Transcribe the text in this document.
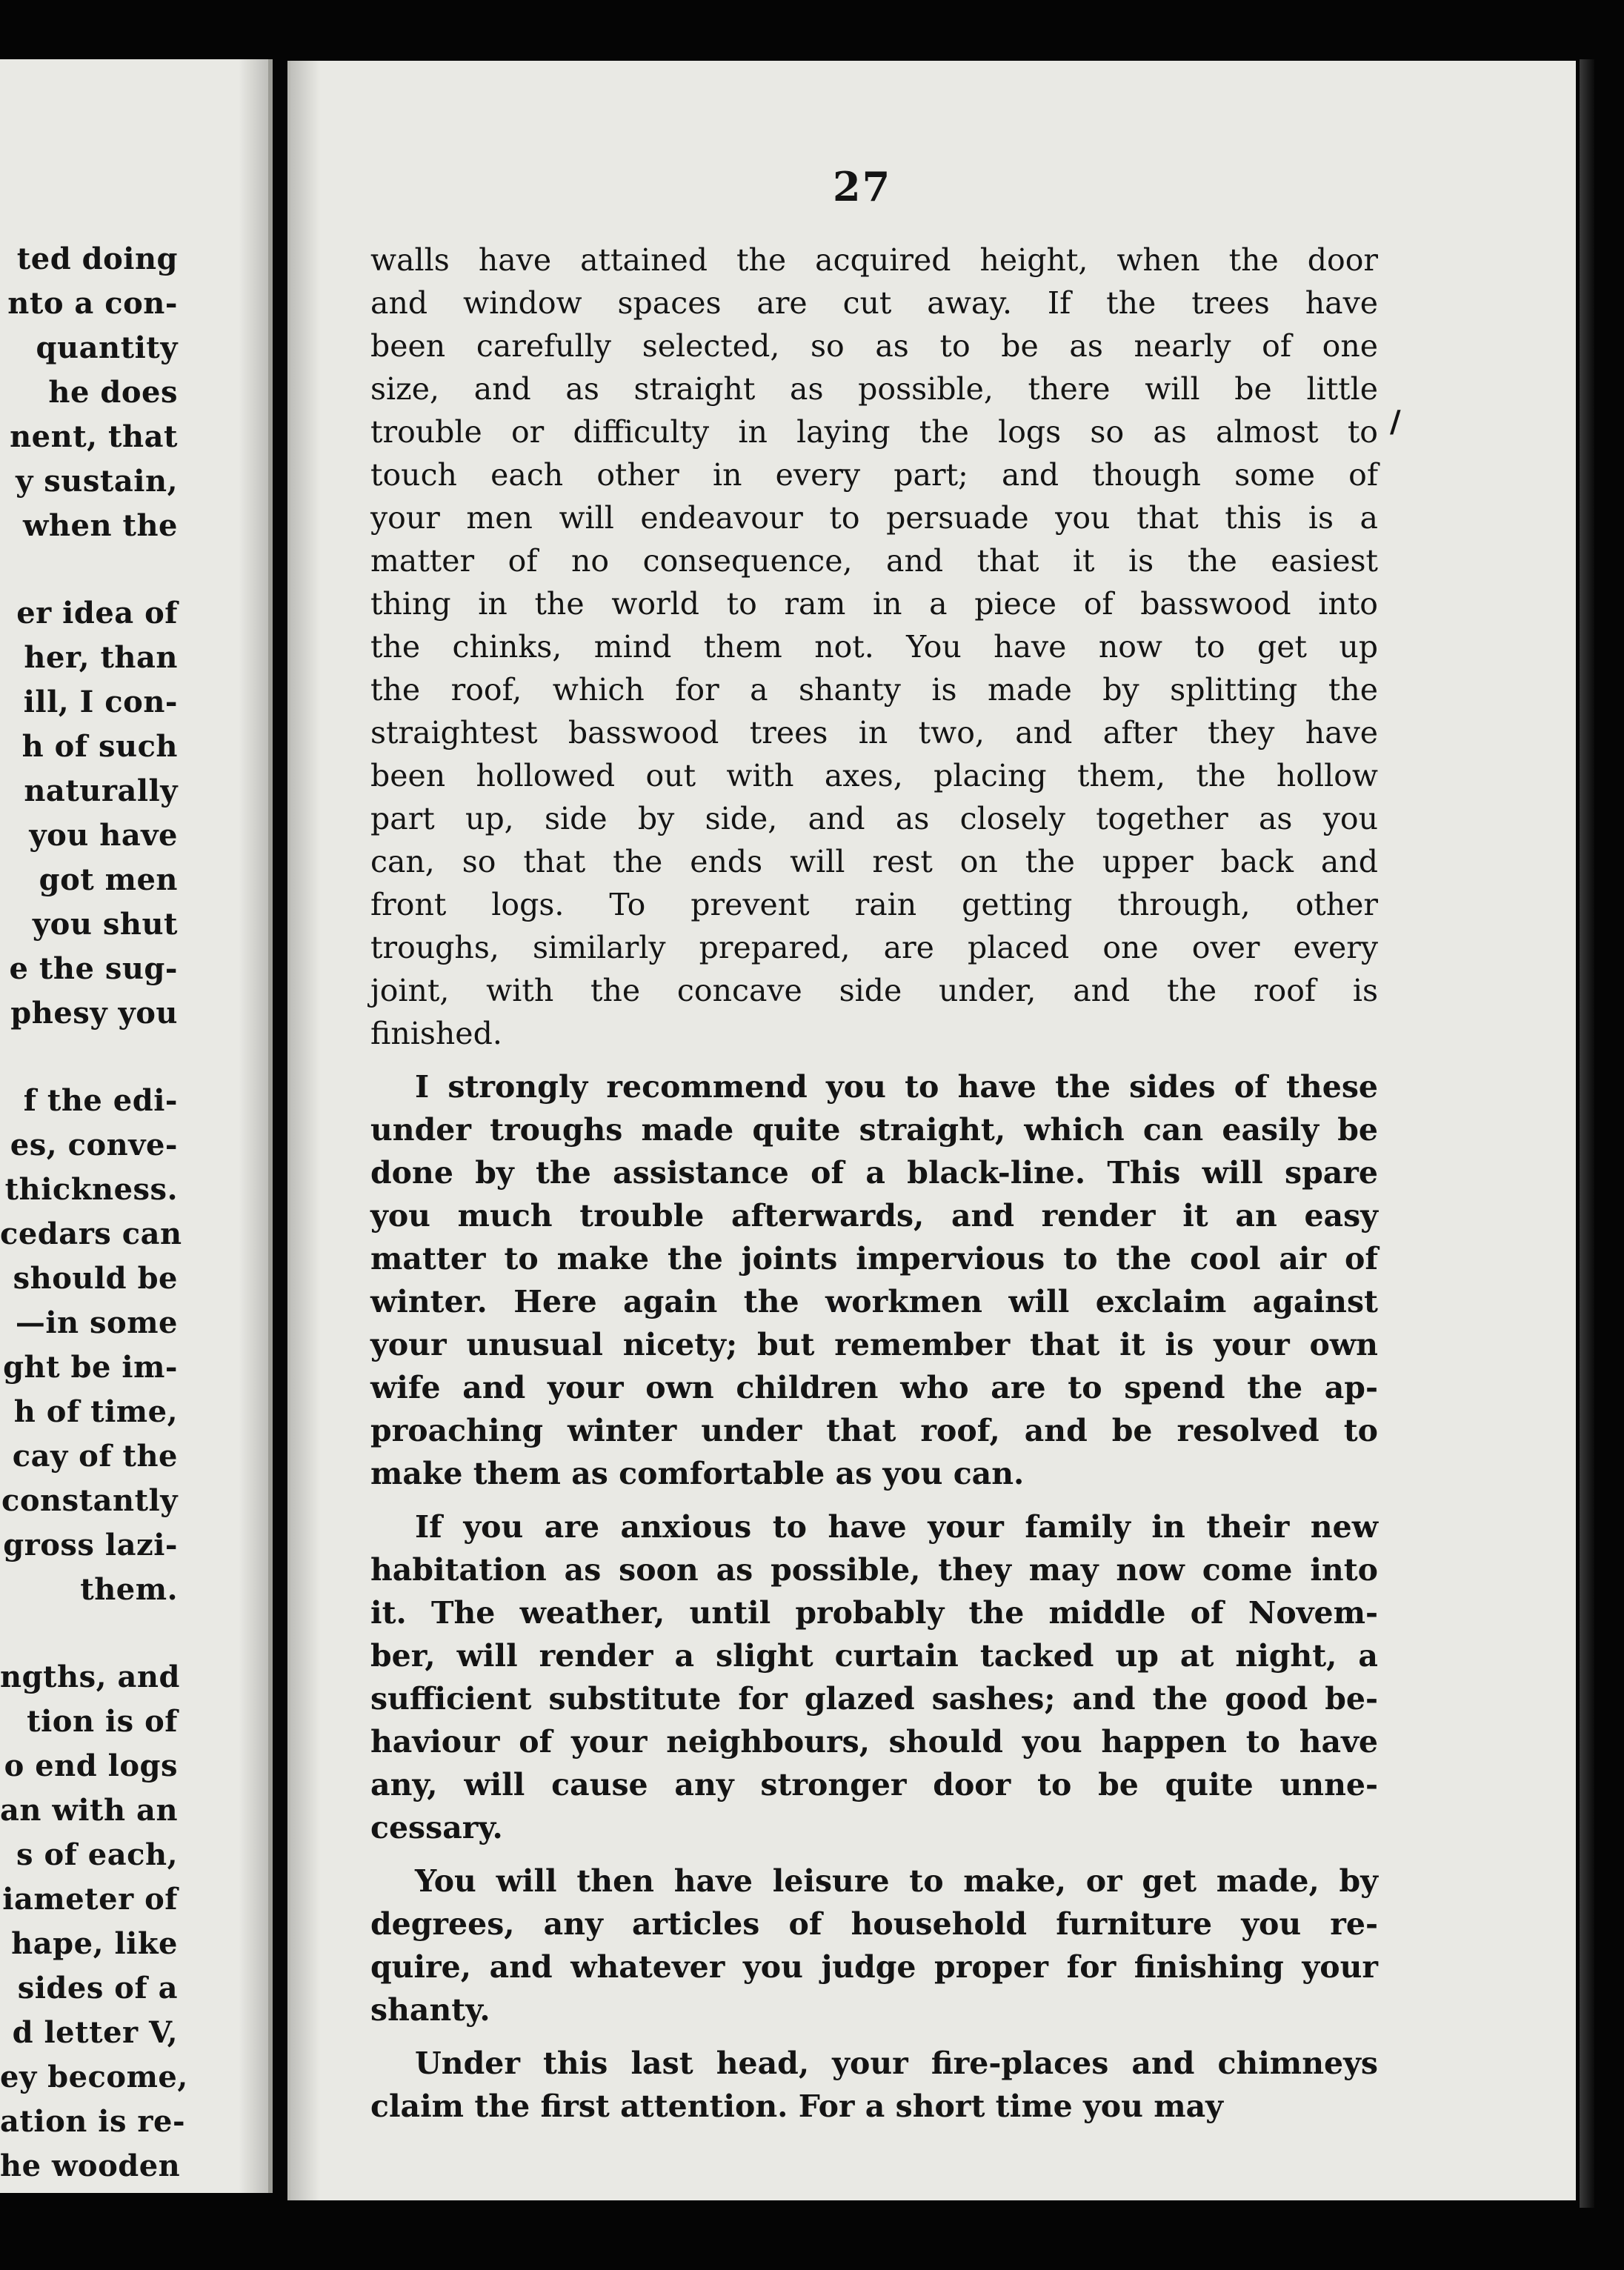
ted doing
nto a con-
quantity
he does
nent, that
y sustain,
when the
er idea of
her, than
ill, I con-
h of such
naturally
you have
got men
you shut
e the sug-
phesy you
f the edi-
es, conve-
thickness.
cedars can
should be
—in some
ght be im-
h of time,
cay of the
constantly
gross lazi-
them.
ngths, and
tion is of
o end logs
an with an
s of each,
iameter of
hape, like
sides of a
d letter V,
ey become,
ation is re-
he wooden
27
/
walls have attained the acquired height, when the door
and window spaces are cut away. If the trees have
been carefully selected, so as to be as nearly of one
size, and as straight as possible, there will be little
trouble or difficulty in laying the logs so as almost to
touch each other in every part; and though some of
your men will endeavour to persuade you that this is a
matter of no consequence, and that it is the easiest
thing in the world to ram in a piece of basswood into
the chinks, mind them not. You have now to get up
the roof, which for a shanty is made by splitting the
straightest basswood trees in two, and after they have
been hollowed out with axes, placing them, the hollow
part up, side by side, and as closely together as you
can, so that the ends will rest on the upper back and
front logs. To prevent rain getting through, other
troughs, similarly prepared, are placed one over every
joint, with the concave side under, and the roof is
finished.
I strongly recommend you to have the sides of these
under troughs made quite straight, which can easily be
done by the assistance of a black-line. This will spare
you much trouble afterwards, and render it an easy
matter to make the joints impervious to the cool air of
winter. Here again the workmen will exclaim against
your unusual nicety; but remember that it is your own
wife and your own children who are to spend the ap-
proaching winter under that roof, and be resolved to
make them as comfortable as you can.
If you are anxious to have your family in their new
habitation as soon as possible, they may now come into
it. The weather, until probably the middle of Novem-
ber, will render a slight curtain tacked up at night, a
sufficient substitute for glazed sashes; and the good be-
haviour of your neighbours, should you happen to have
any, will cause any stronger door to be quite unne-
cessary.
You will then have leisure to make, or get made, by
degrees, any articles of household furniture you re-
quire, and whatever you judge proper for finishing your
shanty.
Under this last head, your fire-places and chimneys
claim the first attention. For a short time you may
